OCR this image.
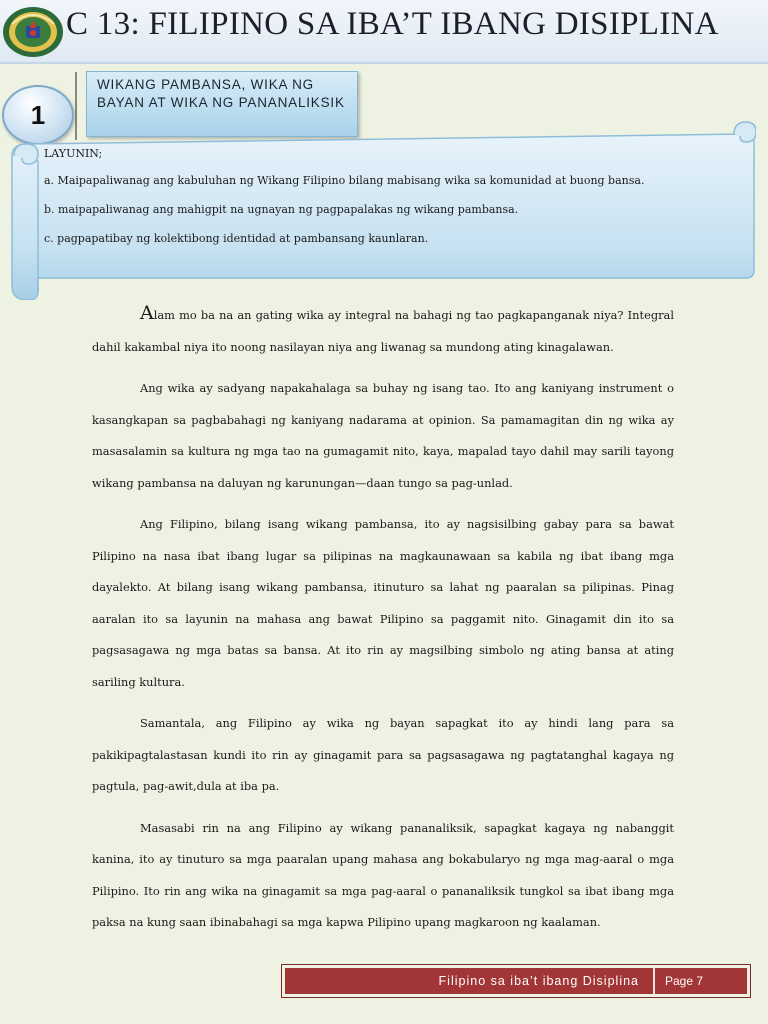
C 13: FILIPINO SA IBA’T IBANG DISIPLINA
1
WIKANG PAMBANSA, WIKA NG BAYAN AT WIKA NG PANANALIKSIK
LAYUNIN;
a. Maipapaliwanag ang kabuluhan ng Wikang Filipino bilang mabisang wika sa komunidad at buong bansa.
b. maipapaliwanag ang mahigpit na ugnayan ng pagpapalakas ng wikang pambansa.
c. pagpapatibay ng kolektibong identidad at pambansang kaunlaran.

Alam mo ba na an gating wika ay integral na bahagi ng tao pagkapanganak niya? Integral dahil kakambal niya ito noong nasilayan niya ang liwanag sa mundong ating kinagalawan.

Ang wika ay sadyang napakahalaga sa buhay ng isang tao. Ito ang kaniyang instrument o kasangkapan sa pagbabahagi ng kaniyang nadarama at opinion. Sa pamamagitan din ng wika ay masasalamin sa kultura ng mga tao na gumagamit nito, kaya, mapalad tayo dahil may sarili tayong wikang pambansa na daluyan ng karunungan—daan tungo sa pag-unlad.

Ang Filipino, bilang isang wikang pambansa, ito ay nagsisilbing gabay para sa bawat Pilipino na nasa ibat ibang lugar sa pilipinas na magkaunawaan sa kabila ng ibat ibang mga dayalekto. At bilang isang wikang pambansa, itinuturo sa lahat ng paaralan sa pilipinas. Pinag aaralan ito sa layunin na mahasa ang bawat Pilipino sa paggamit nito. Ginagamit din ito sa pagsasagawa ng mga batas sa bansa. At ito rin ay magsilbing simbolo ng ating bansa at ating sariling kultura.

Samantala, ang Filipino ay wika ng bayan sapagkat ito ay hindi lang para sa pakikipagtalastasan kundi ito rin ay ginagamit para sa pagsasagawa ng pagtatanghal kagaya ng pagtula, pag-awit,dula at iba pa.

Masasabi rin na ang Filipino ay wikang pananaliksik, sapagkat kagaya ng nabanggit kanina, ito ay tinuturo sa mga paaralan upang mahasa ang bokabularyo ng mga mag-aaral o mga Pilipino. Ito rin ang wika na ginagamit sa mga pag-aaral o pananaliksik tungkol sa ibat ibang mga paksa na kung saan ibinabahagi sa mga kapwa Pilipino upang magkaroon ng kaalaman.

Filipino sa iba’t ibang Disiplina	Page 7
